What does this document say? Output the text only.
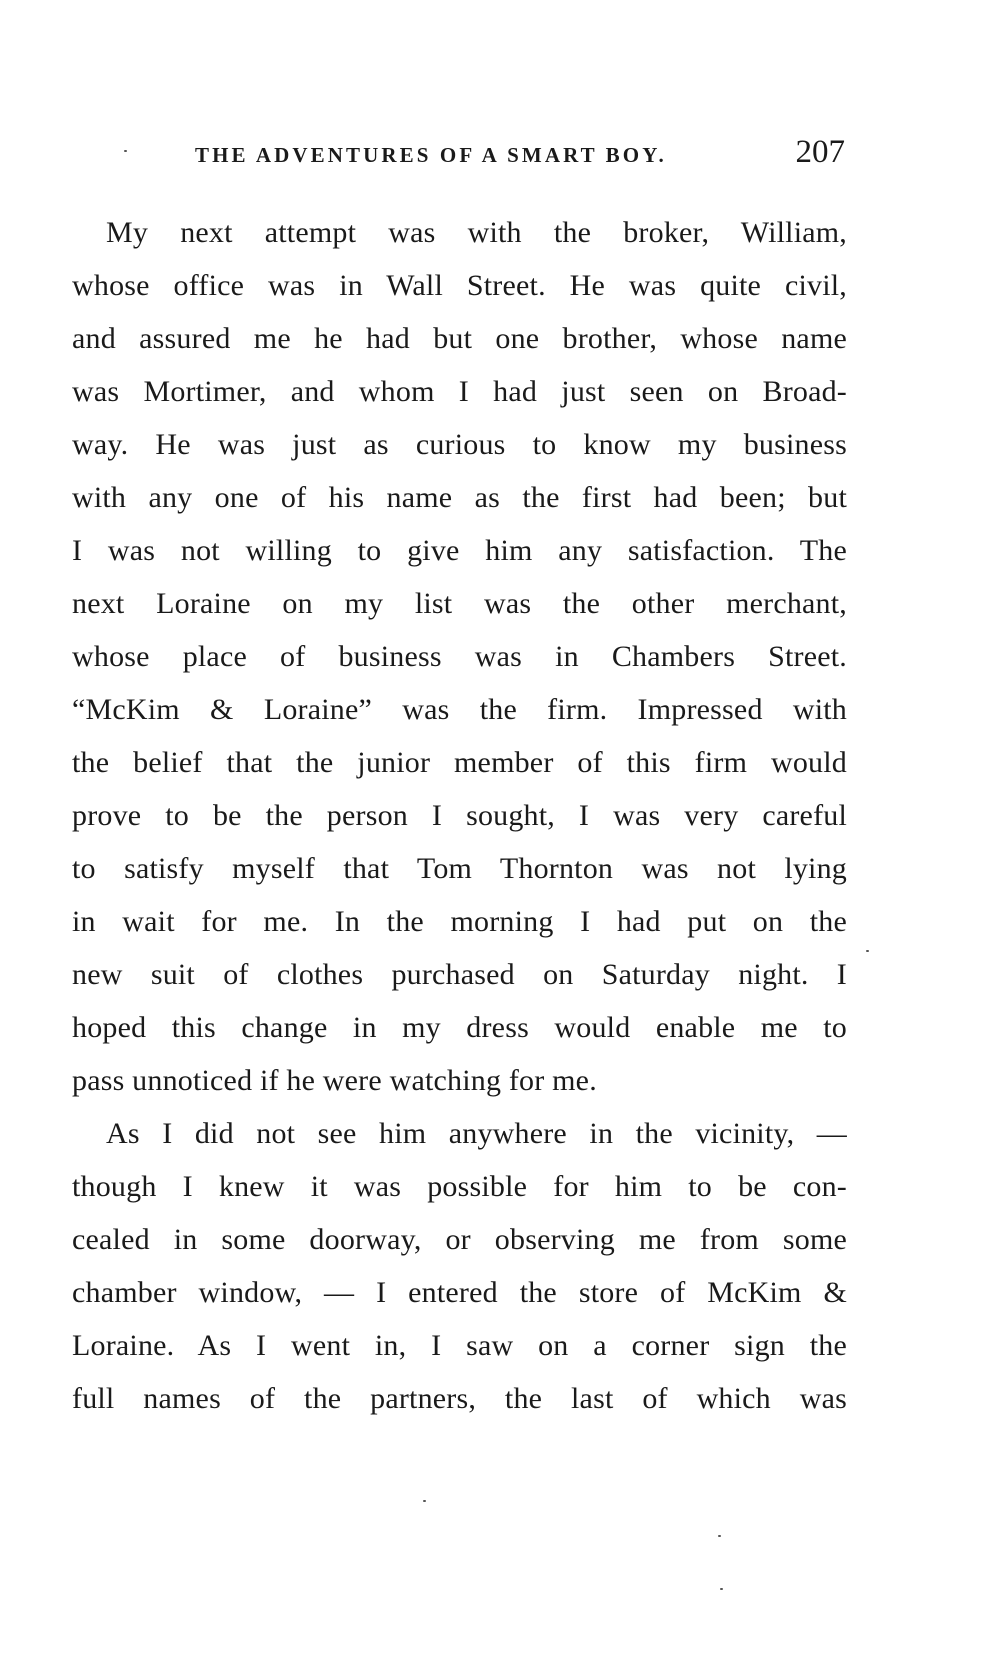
THE ADVENTURES OF A SMART BOY.	207
My next attempt was with the broker, William,
whose office was in Wall Street. He was quite civil,
and assured me he had but one brother, whose name
was Mortimer, and whom I had just seen on Broad-
way. He was just as curious to know my business
with any one of his name as the first had been; but
I was not willing to give him any satisfaction. The
next Loraine on my list was the other merchant,
whose place of business was in Chambers Street.
“McKim & Loraine” was the firm. Impressed with
the belief that the junior member of this firm would
prove to be the person I sought, I was very careful
to satisfy myself that Tom Thornton was not lying
in wait for me. In the morning I had put on the
new suit of clothes purchased on Saturday night. I
hoped this change in my dress would enable me to
pass unnoticed if he were watching for me.
As I did not see him anywhere in the vicinity, —
though I knew it was possible for him to be con-
cealed in some doorway, or observing me from some
chamber window, — I entered the store of McKim &
Loraine. As I went in, I saw on a corner sign the
full names of the partners, the last of which was
